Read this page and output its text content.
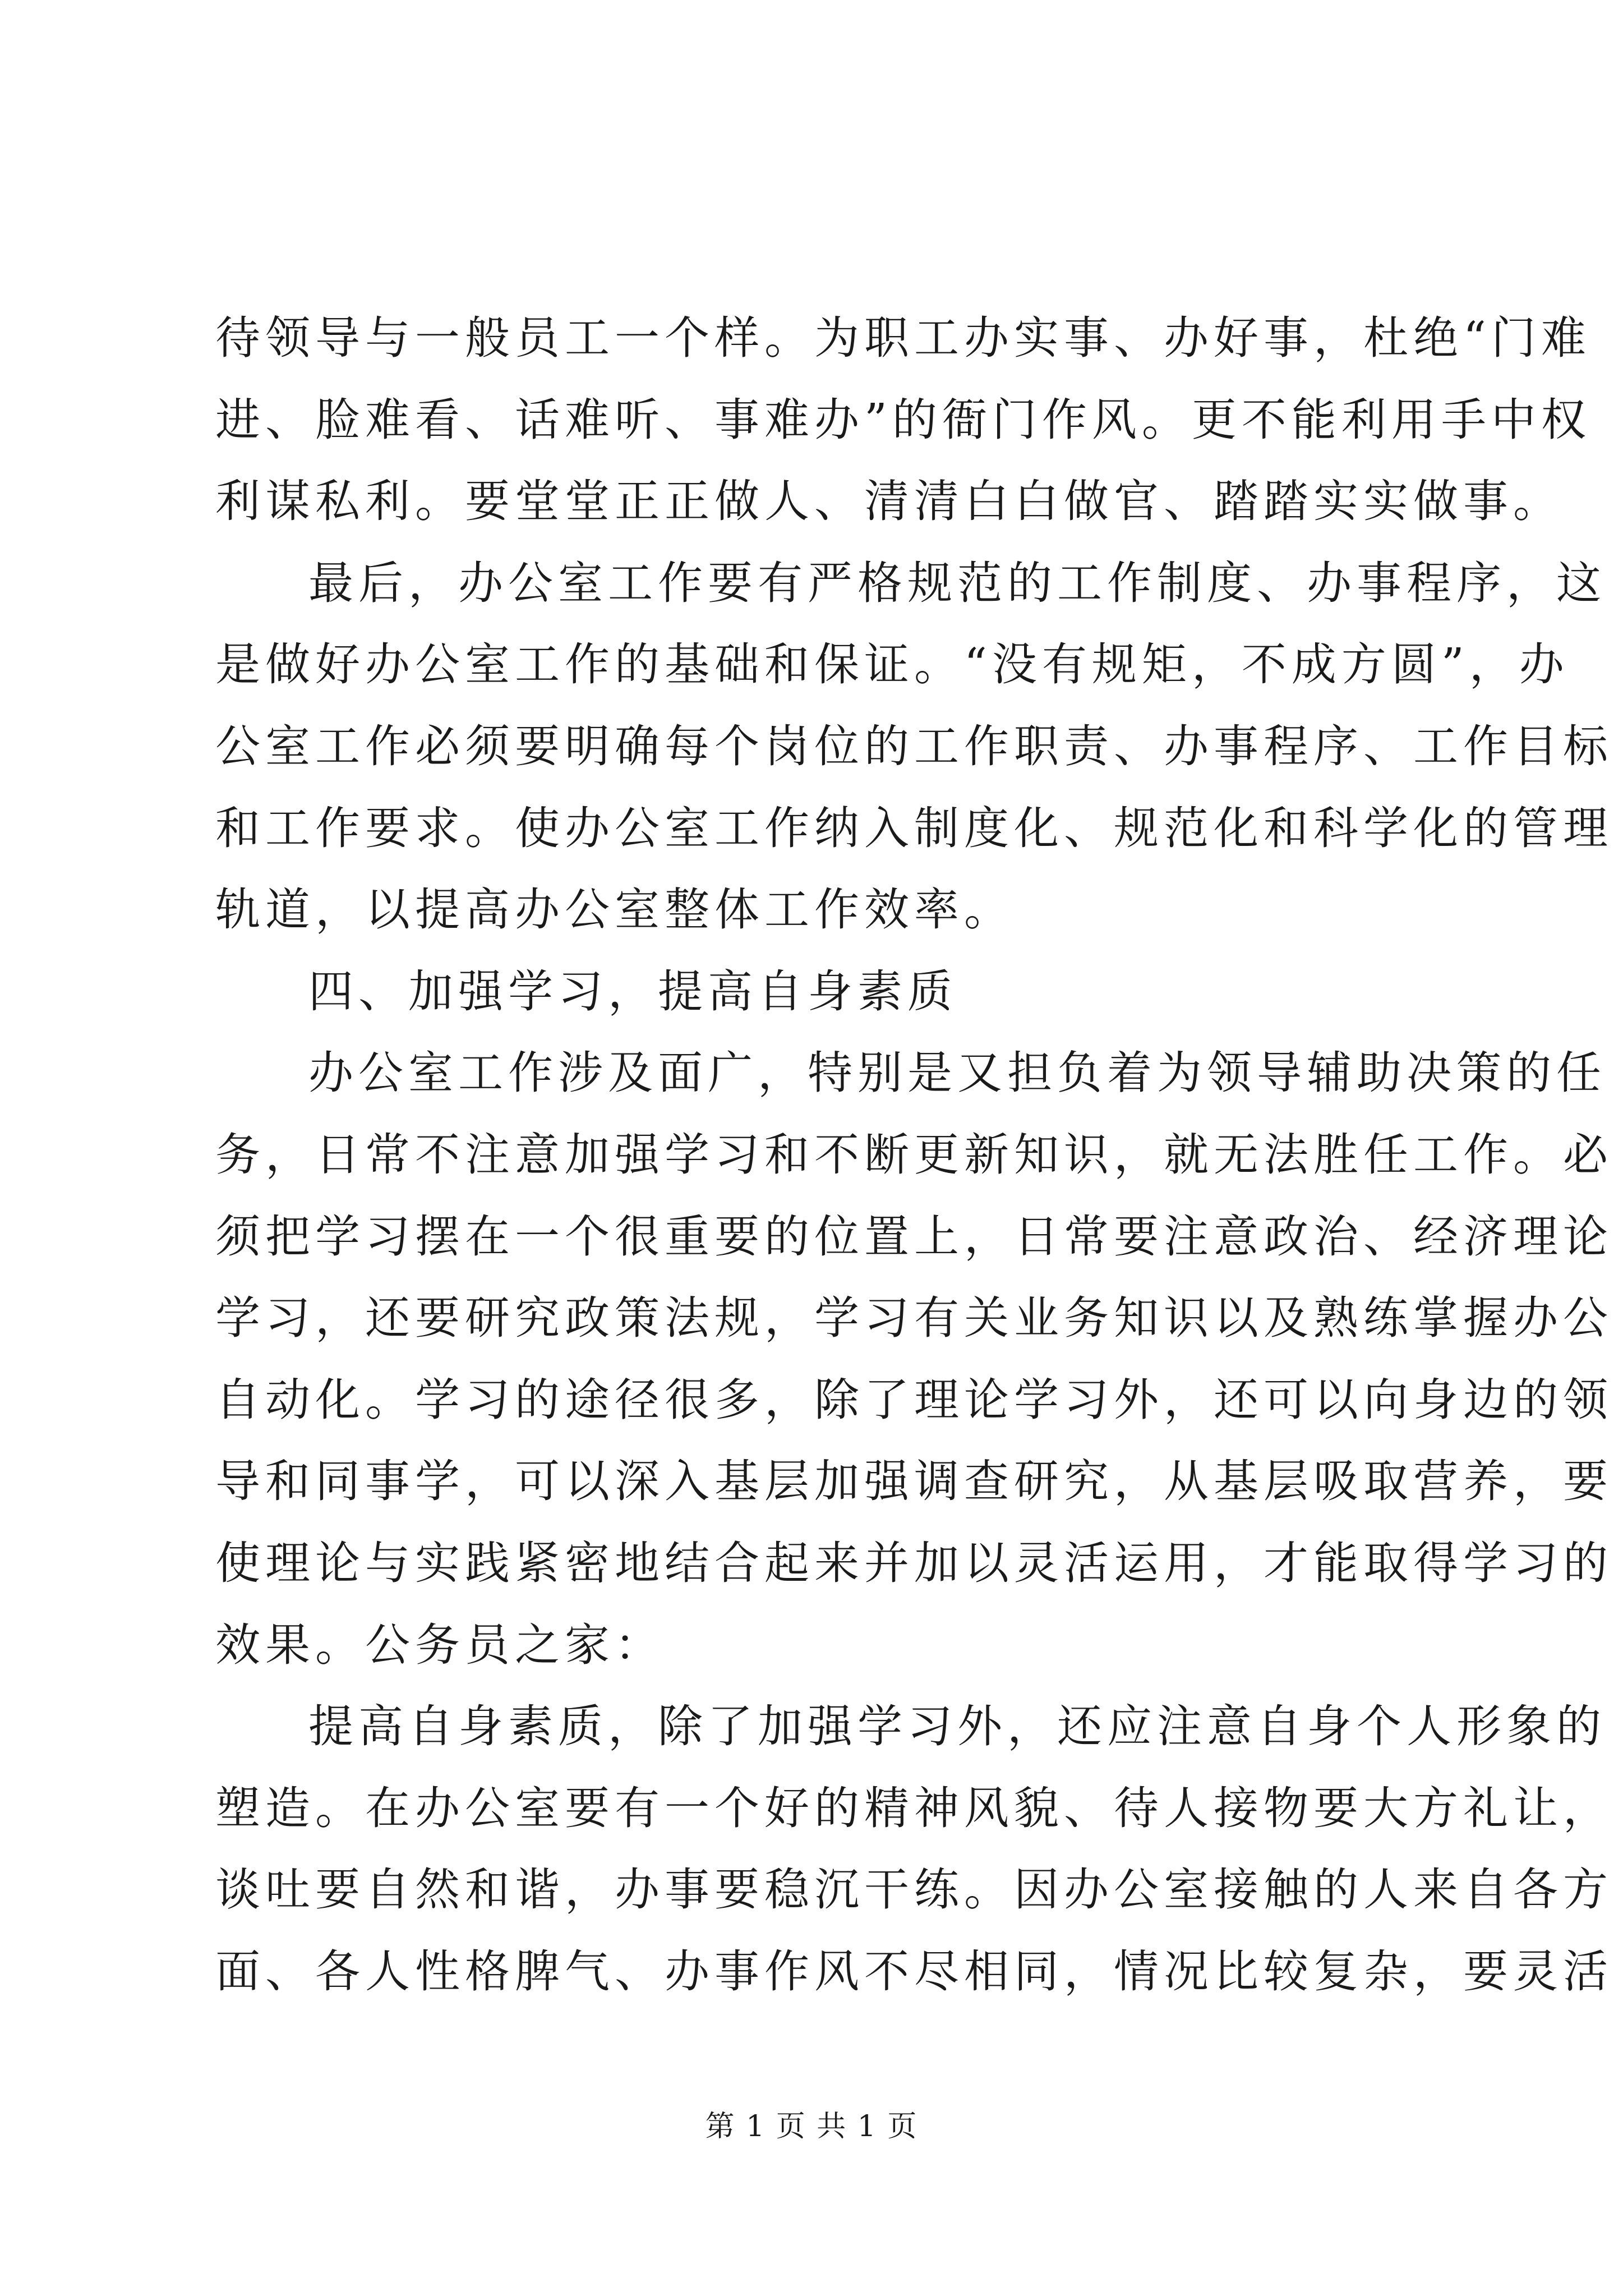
待领导与一般员工一个样。为职工办实事、办好事，杜绝“门难
进、脸难看、话难听、事难办”的衙门作风。更不能利用手中权
利谋私利。要堂堂正正做人、清清白白做官、踏踏实实做事。
最后，办公室工作要有严格规范的工作制度、办事程序，这
是做好办公室工作的基础和保证。“没有规矩，不成方圆”，办
公室工作必须要明确每个岗位的工作职责、办事程序、工作目标
和工作要求。使办公室工作纳入制度化、规范化和科学化的管理
轨道，以提高办公室整体工作效率。
四、加强学习，提高自身素质
办公室工作涉及面广，特别是又担负着为领导辅助决策的任
务，日常不注意加强学习和不断更新知识，就无法胜任工作。必
须把学习摆在一个很重要的位置上，日常要注意政治、经济理论
学习，还要研究政策法规，学习有关业务知识以及熟练掌握办公
自动化。学习的途径很多，除了理论学习外，还可以向身边的领
导和同事学，可以深入基层加强调查研究，从基层吸取营养，要
使理论与实践紧密地结合起来并加以灵活运用，才能取得学习的
效果。公务员之家：
提高自身素质，除了加强学习外，还应注意自身个人形象的
塑造。在办公室要有一个好的精神风貌、待人接物要大方礼让，
谈吐要自然和谐，办事要稳沉干练。因办公室接触的人来自各方
面、各人性格脾气、办事作风不尽相同，情况比较复杂，要灵活
第 1 页 共 1 页
